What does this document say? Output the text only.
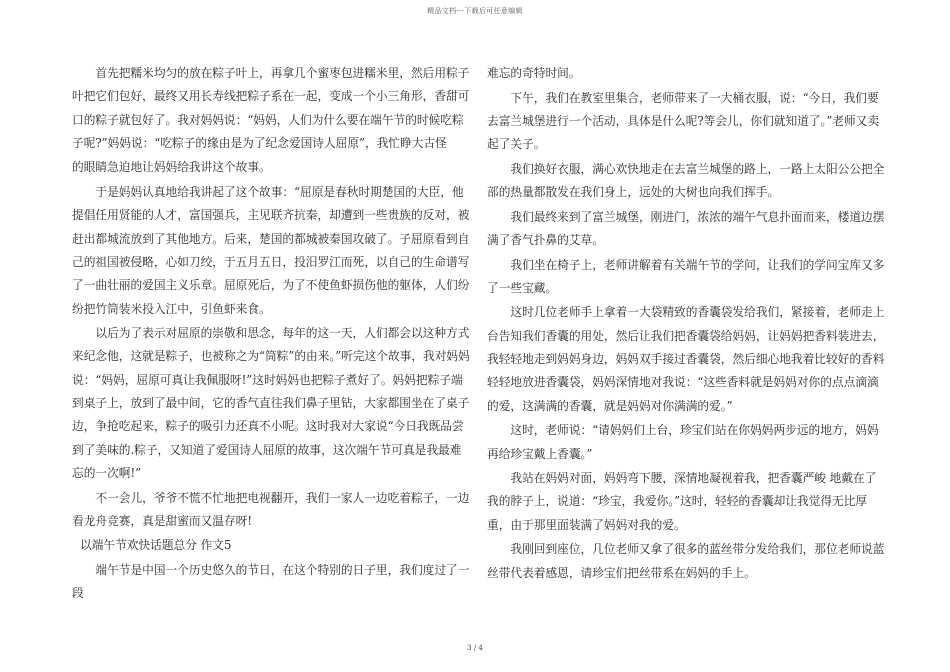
精品文档---下载后可任意编辑

首先把糯米均匀的放在粽子叶上，再拿几个蜜枣包进糯米里，然后用粽子叶把它们包好，最终又用长寿线把粽子系在一起，变成一个小三角形，香甜可口的粽子就包好了。我对妈妈说：“妈妈，人们为什么要在端午节的时候吃粽子呢?”妈妈说：“吃粽子的缘由是为了纪念爱国诗人屈原”，我忙睁大古怪

的眼睛急迫地让妈妈给我讲这个故事。

于是妈妈认真地给我讲起了这个故事：“屈原是春秋时期楚国的大臣，他提倡任用贤能的人才，富国强兵，主见联齐抗秦，却遭到一些贵族的反对，被赶出都城流放到了其他地方。后来，楚国的都城被秦国攻破了。子屈原看到自己的祖国被侵略，心如刀绞，于五月五日，投汨罗江而死，以自己的生命谱写了一曲壮丽的爱国主义乐章。屈原死后，为了不使鱼虾损伤他的躯体，人们纷纷把竹筒装米投入江中，引鱼虾来食。

以后为了表示对屈原的崇敬和思念，每年的这一天，人们都会以这种方式来纪念他，这就是粽子，也被称之为“筒粽”的由来。”听完这个故事，我对妈妈说：“妈妈，屈原可真让我佩服呀!”这时妈妈也把粽子煮好了。妈妈把粽子端到桌子上，放到了最中间，它的香气直往我们鼻子里钻，大家都围坐在了桌子边，争抢吃起来，粽子的吸引力还真不小呢。这时我对大家说“今日我既品尝到了美味的.粽子，又知道了爱国诗人屈原的故事，这次端午节可真是我最难忘的一次啊!”

不一会儿，爷爷不慌不忙地把电视翻开，我们一家人一边吃着粽子，一边看龙舟竞赛，真是甜蜜而又温存呀!

以端午节欢快话题总分 作文5

端午节是中国一个历史悠久的节日，在这个特别的日子里，我们度过了一段

难忘的奇特时间。

下午，我们在教室里集合，老师带来了一大桶衣服，说：“今日，我们要去富兰城堡进行一个活动，具体是什么呢?等会儿，你们就知道了。”老师又卖起了关子。

我们换好衣服，满心欢快地走在去富兰城堡的路上，一路上太阳公公把全部的热量都散发在我们身上，远处的大树也向我们挥手。

我们最终来到了富兰城堡，刚进门，浓浓的端午气息扑面而来，楼道边摆满了香气扑鼻的艾草。

我们坐在椅子上，老师讲解着有关端午节的学问，让我们的学问宝库又多了一些宝藏。

这时几位老师手上拿着一大袋精致的香囊袋发给我们，紧接着，老师走上台告知我们香囊的用处，然后让我们把香囊袋给妈妈，让妈妈把香料装进去，我轻轻地走到妈妈身边，妈妈双手接过香囊袋，然后细心地我着比较好的香料轻轻地放进香囊袋，妈妈深情地对我说：“这些香料就是妈妈对你的点点滴滴的爱，这满满的香囊，就是妈妈对你满满的爱。”

这时，老师说：“请妈妈们上台，珍宝们站在你妈妈两步远的地方，妈妈再给珍宝戴上香囊。”

我站在妈妈对面，妈妈弯下腰，深情地凝视着我，把香囊严峻 地戴在了我的脖子上，说道：“珍宝，我爱你。”这时，轻轻的香囊却让我觉得无比厚重，由于那里面装满了妈妈对我的爱。

我刚回到座位，几位老师又拿了很多的蓝丝带分发给我们，那位老师说蓝丝带代表着感恩，请珍宝们把丝带系在妈妈的手上。

3 / 4
